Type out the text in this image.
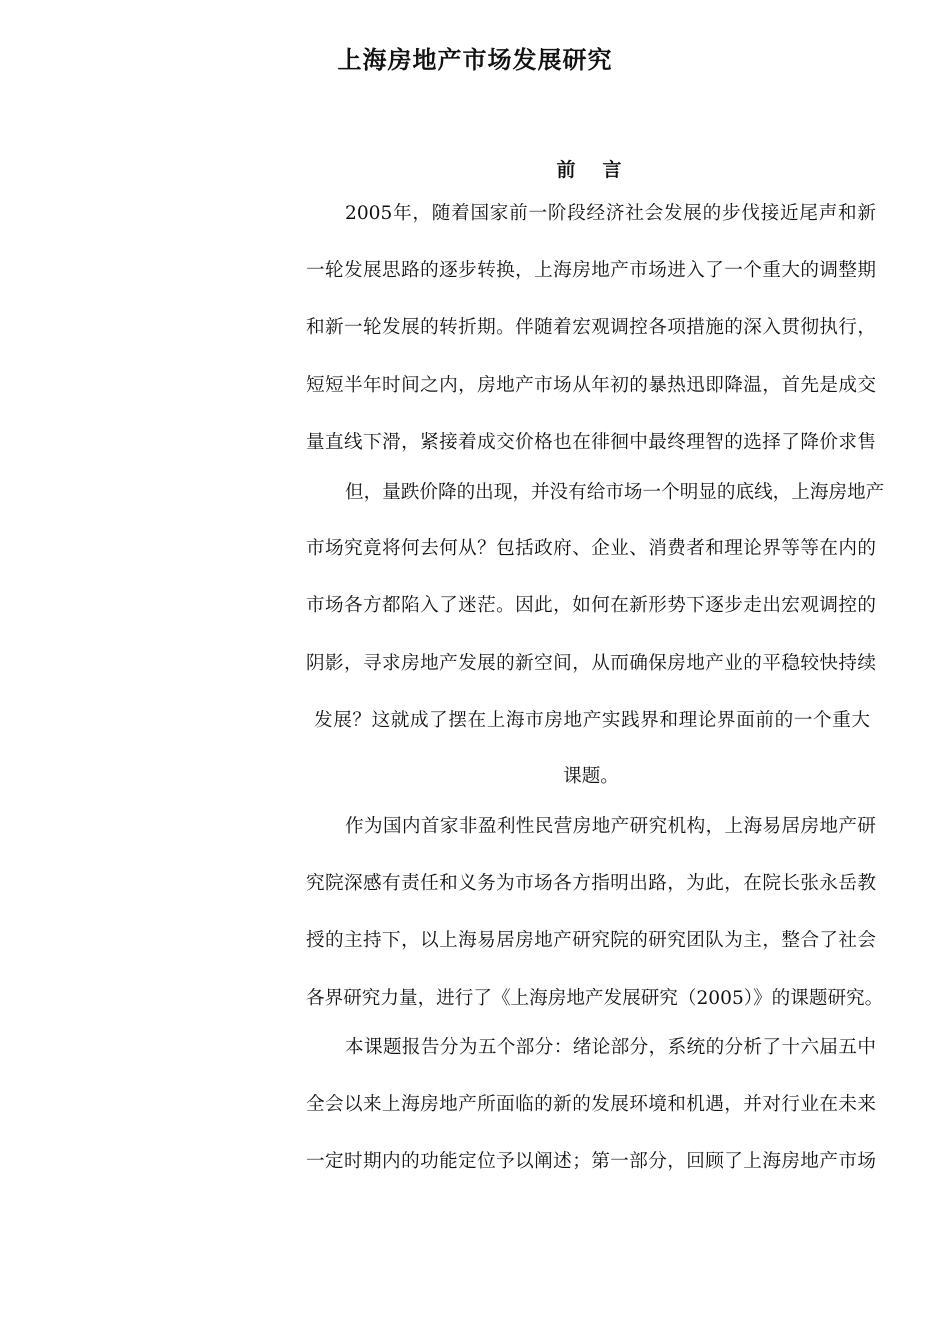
上海房地产市场发展研究
前　言
2005年，随着国家前一阶段经济社会发展的步伐接近尾声和新
一轮发展思路的逐步转换，上海房地产市场进入了一个重大的调整期
和新一轮发展的转折期。伴随着宏观调控各项措施的深入贯彻执行，
短短半年时间之内，房地产市场从年初的暴热迅即降温，首先是成交
量直线下滑，紧接着成交价格也在徘徊中最终理智的选择了降价求售
但，量跌价降的出现，并没有给市场一个明显的底线，上海房地产
市场究竟将何去何从？包括政府、企业、消费者和理论界等等在内的
市场各方都陷入了迷茫。因此，如何在新形势下逐步走出宏观调控的
阴影，寻求房地产发展的新空间，从而确保房地产业的平稳较快持续
发展？这就成了摆在上海市房地产实践界和理论界面前的一个重大
课题。
作为国内首家非盈利性民营房地产研究机构，上海易居房地产研
究院深感有责任和义务为市场各方指明出路，为此，在院长张永岳教
授的主持下，以上海易居房地产研究院的研究团队为主，整合了社会
各界研究力量，进行了《上海房地产发展研究（2005）》的课题研究。
本课题报告分为五个部分：绪论部分，系统的分析了十六届五中
全会以来上海房地产所面临的新的发展环境和机遇，并对行业在未来
一定时期内的功能定位予以阐述；第一部分，回顾了上海房地产市场
